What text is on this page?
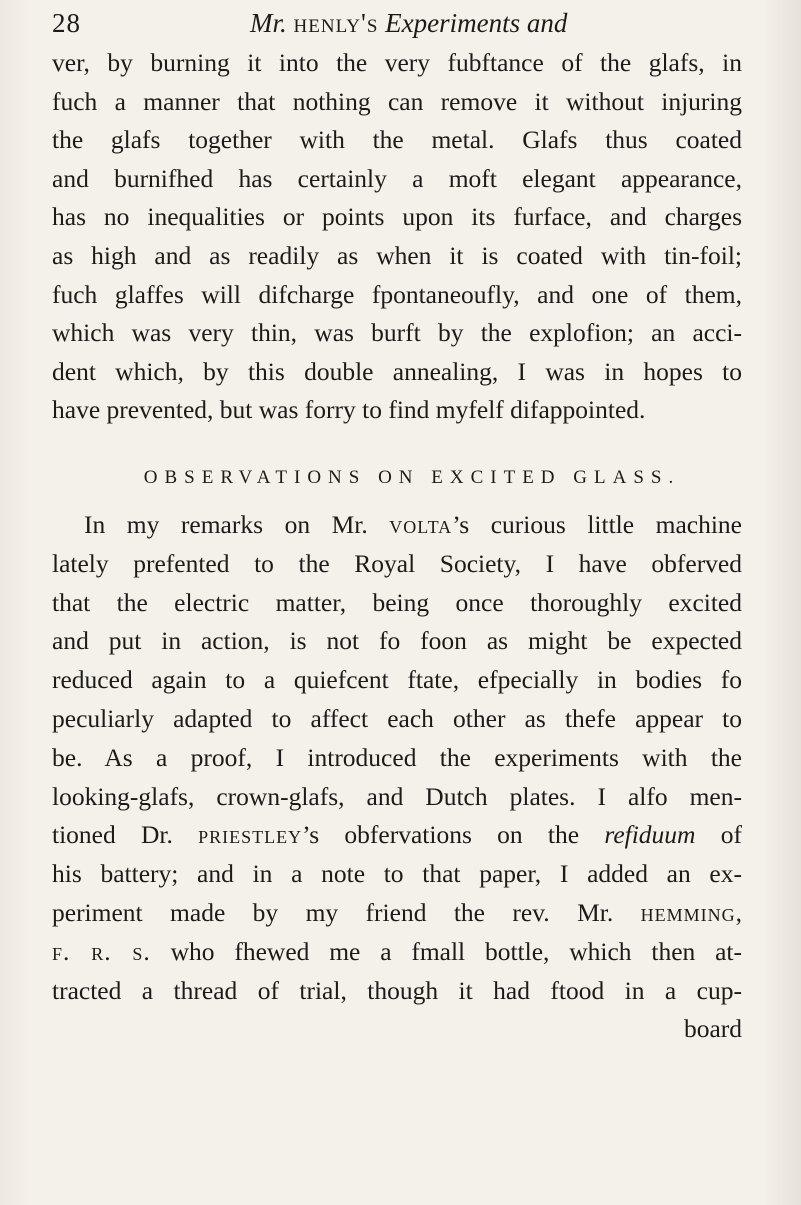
28	Mr. henly's Experiments and
ver, by burning it into the very fubftance of the glafs, in
fuch a manner that nothing can remove it without injuring
the glafs together with the metal. Glafs thus coated
and burnifhed has certainly a moft elegant appearance,
has no inequalities or points upon its furface, and charges
as high and as readily as when it is coated with tin-foil;
fuch glaffes will difcharge fpontaneoufly, and one of them,
which was very thin, was burft by the explofion; an acci-
dent which, by this double annealing, I was in hopes to
have prevented, but was forry to find myfelf difappointed.
OBSERVATIONS ON EXCITED GLASS.
In my remarks on Mr. volta’s curious little machine
lately prefented to the Royal Society, I have obferved
that the electric matter, being once thoroughly excited
and put in action, is not fo foon as might be expected
reduced again to a quiefcent ftate, efpecially in bodies fo
peculiarly adapted to affect each other as thefe appear to
be. As a proof, I introduced the experiments with the
looking-glafs, crown-glafs, and Dutch plates. I alfo men-
tioned Dr. priestley’s obfervations on the refiduum of
his battery; and in a note to that paper, I added an ex-
periment made by my friend the rev. Mr. hemming,
f. r. s. who fhewed me a fmall bottle, which then at-
tracted a thread of trial, though it had ftood in a cup-
board
